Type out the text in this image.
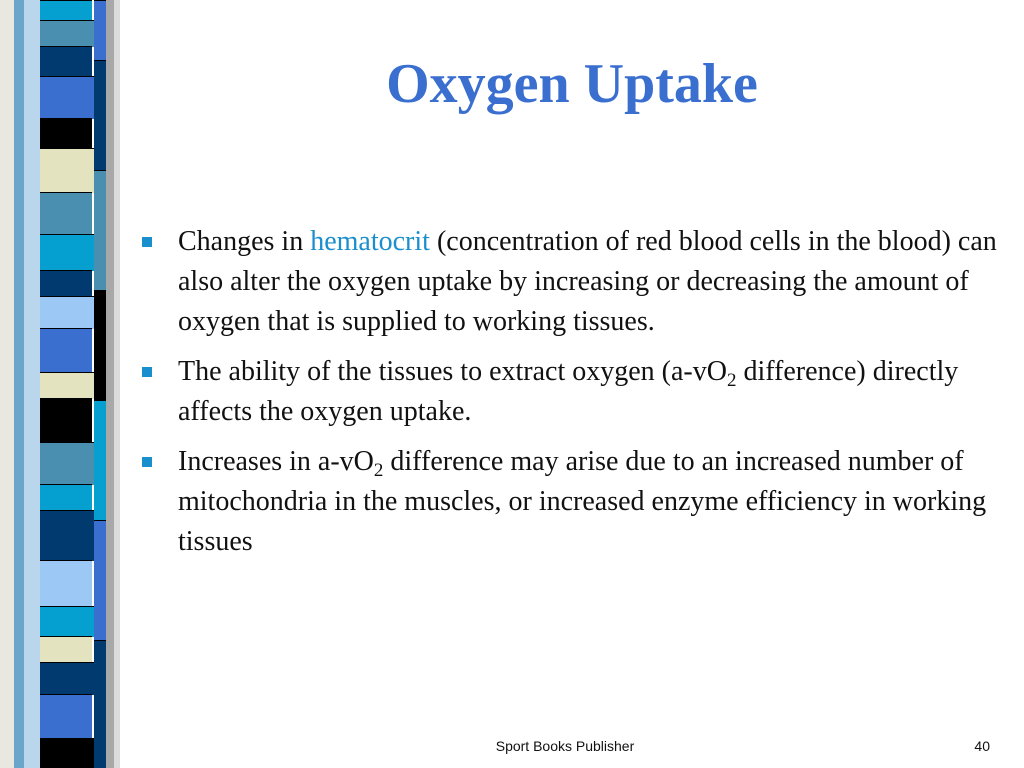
Oxygen Uptake
Changes in hematocrit (concentration of red blood cells in the blood) can also alter the oxygen uptake by increasing or decreasing the amount of oxygen that is supplied to working tissues.
The ability of the tissues to extract oxygen ($a-vO_2$ difference) directly affects the oxygen uptake.
Increases in $a-vO_2$ difference may arise due to an increased number of mitochondria in the muscles, or increased enzyme efficiency in working tissues
Sport Books Publisher	40
